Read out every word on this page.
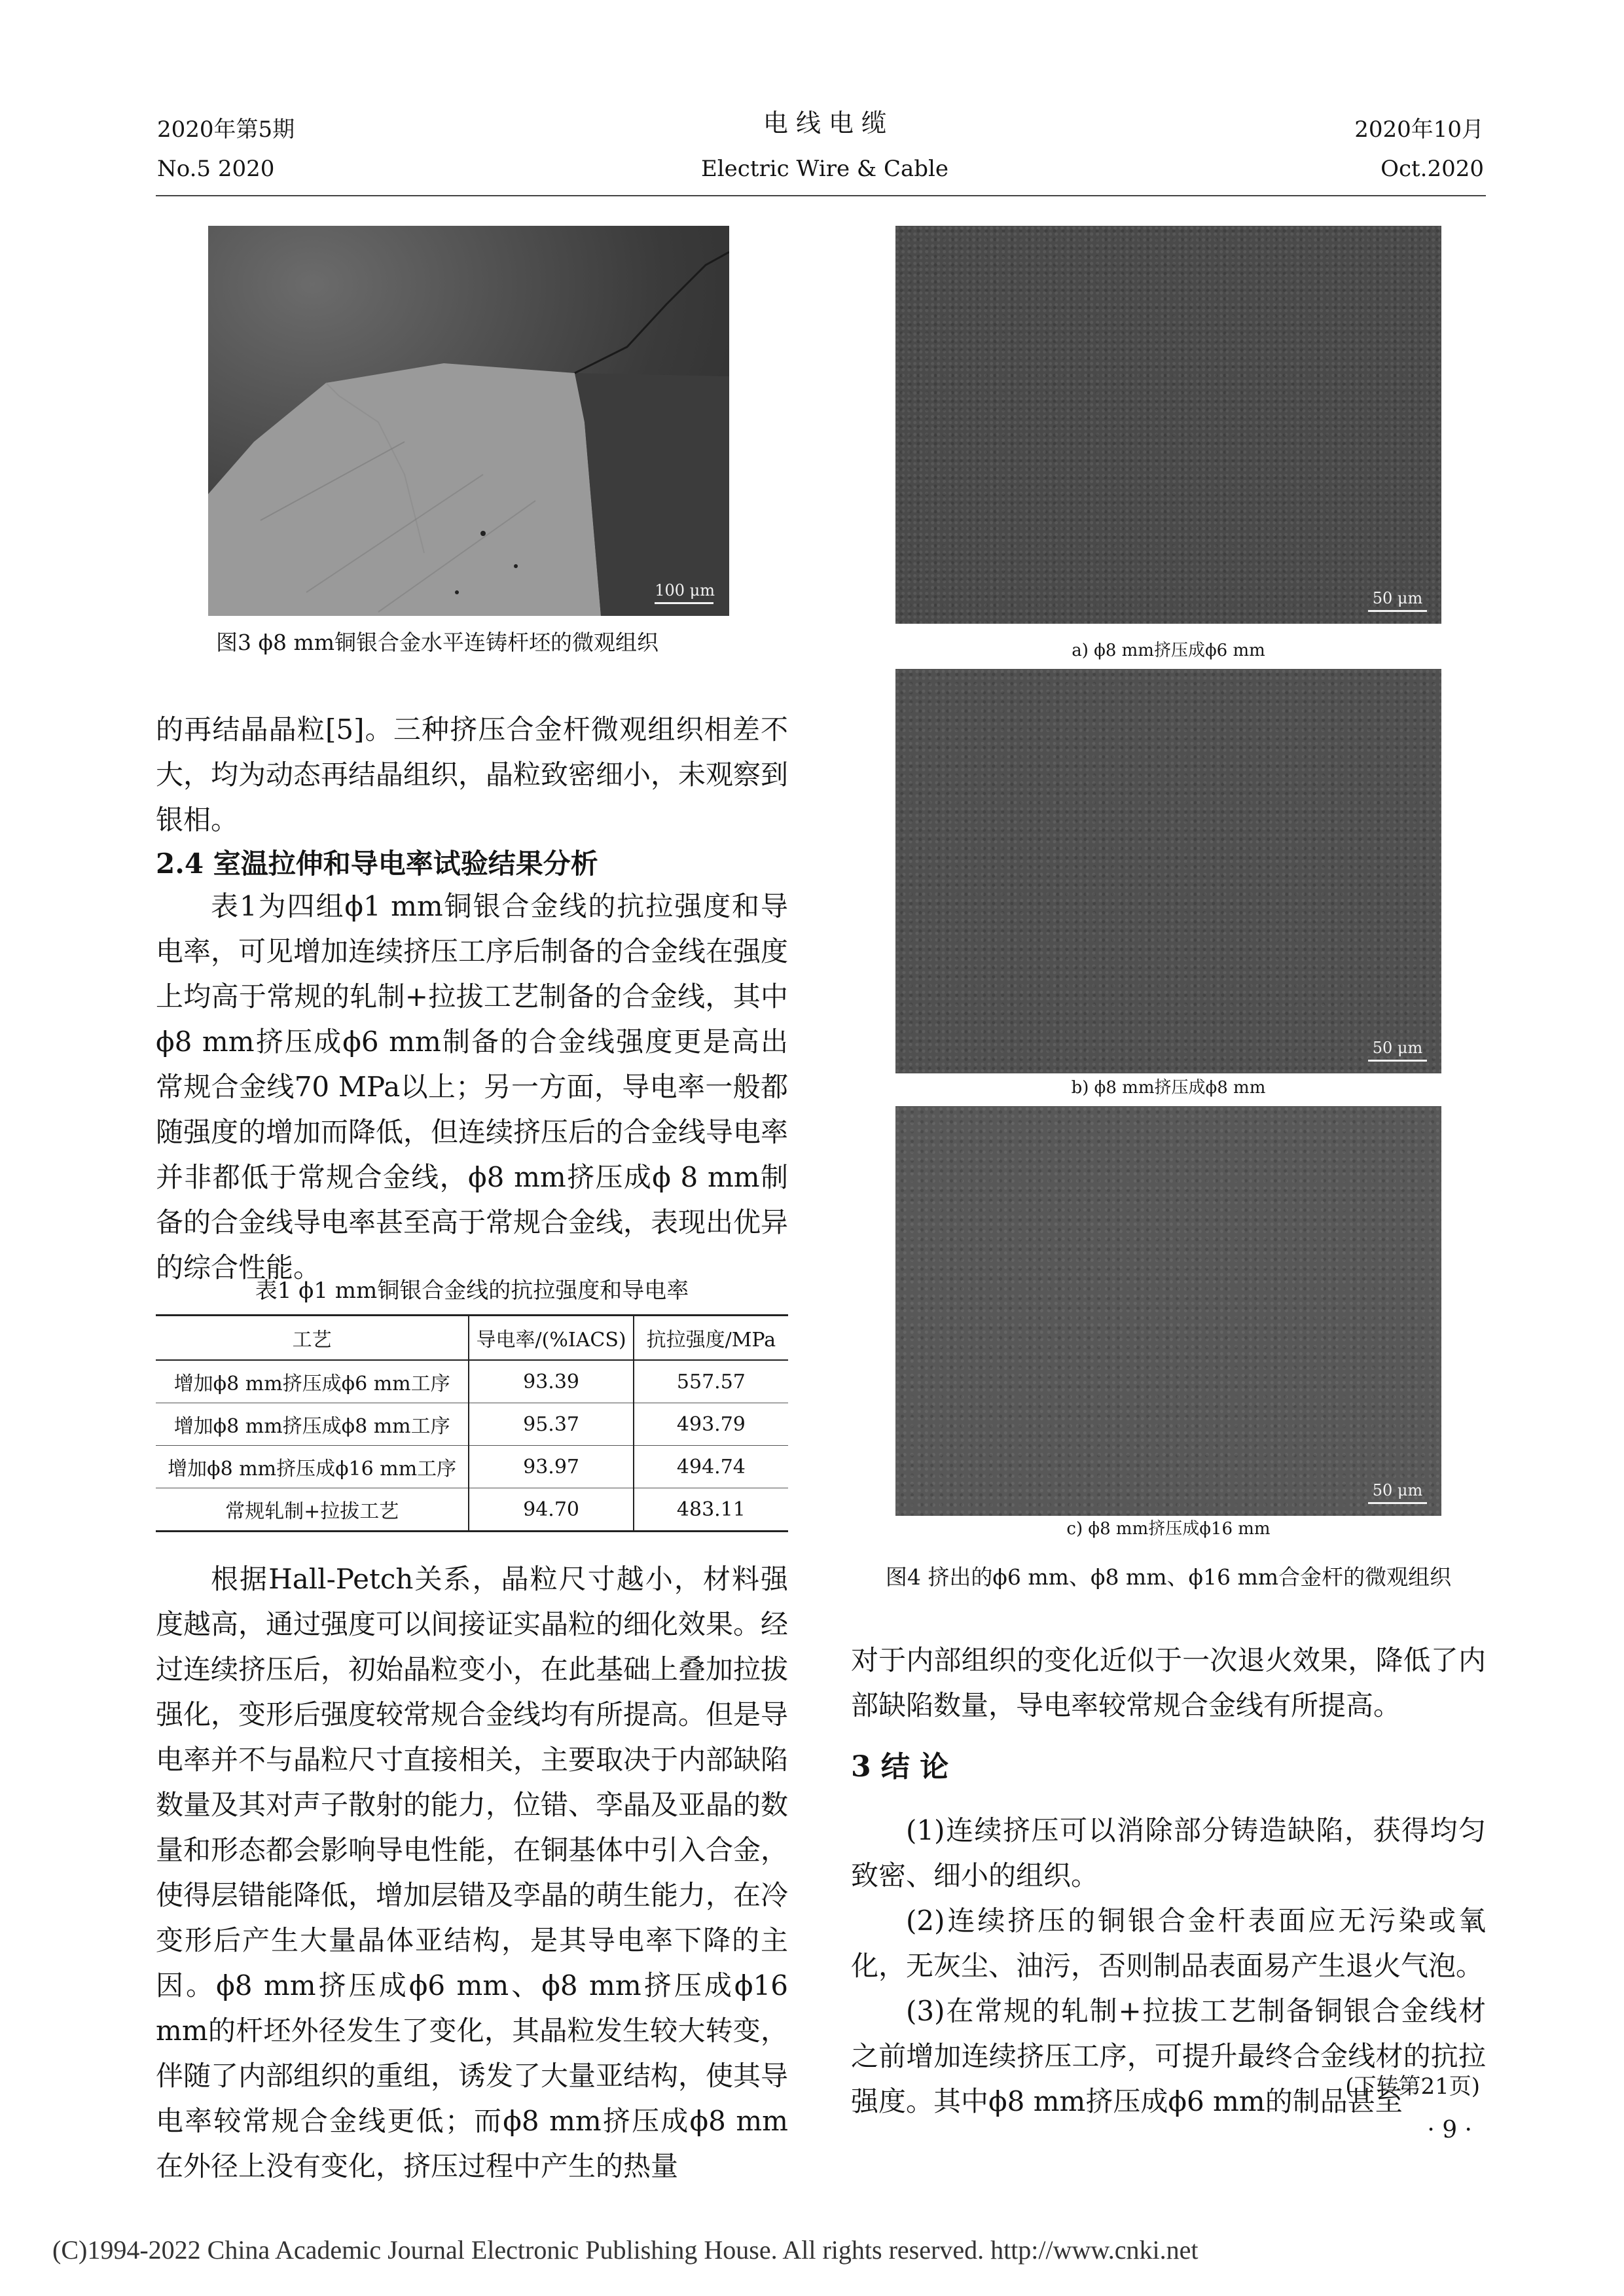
2020年第5期
No.5 2020
电 线 电 缆
Electric Wire & Cable
2020年10月
Oct.2020
100 μm
图3 ϕ8 mm铜银合金水平连铸杆坯的微观组织

的再结晶晶粒[5]。三种挤压合金杆微观组织相差不大，均为动态再结晶组织，晶粒致密细小，未观察到银相。

2.4 室温拉伸和导电率试验结果分析

表1为四组ϕ1 mm铜银合金线的抗拉强度和导电率，可见增加连续挤压工序后制备的合金线在强度上均高于常规的轧制+拉拔工艺制备的合金线，其中ϕ8 mm挤压成ϕ6 mm制备的合金线强度更是高出常规合金线70 MPa以上；另一方面，导电率一般都随强度的增加而降低，但连续挤压后的合金线导电率并非都低于常规合金线，ϕ8 mm挤压成ϕ 8 mm制备的合金线导电率甚至高于常规合金线，表现出优异的综合性能。

表1 ϕ1 mm铜银合金线的抗拉强度和导电率
工艺	导电率/(%IACS)	抗拉强度/MPa
增加ϕ8 mm挤压成ϕ6 mm工序	93.39	557.57
增加ϕ8 mm挤压成ϕ8 mm工序	95.37	493.79
增加ϕ8 mm挤压成ϕ16 mm工序	93.97	494.74
常规轧制+拉拔工艺	94.70	483.11

根据Hall-Petch关系，晶粒尺寸越小，材料强度越高，通过强度可以间接证实晶粒的细化效果。经过连续挤压后，初始晶粒变小，在此基础上叠加拉拔强化，变形后强度较常规合金线均有所提高。但是导电率并不与晶粒尺寸直接相关，主要取决于内部缺陷数量及其对声子散射的能力，位错、孪晶及亚晶的数量和形态都会影响导电性能，在铜基体中引入合金，使得层错能降低，增加层错及孪晶的萌生能力，在冷变形后产生大量晶体亚结构，是其导电率下降的主因。ϕ8 mm挤压成ϕ6 mm、ϕ8 mm挤压成ϕ16 mm的杆坯外径发生了变化，其晶粒发生较大转变，伴随了内部组织的重组，诱发了大量亚结构，使其导电率较常规合金线更低；而ϕ8 mm挤压成ϕ8 mm在外径上没有变化，挤压过程中产生的热量

50 μm
a) ϕ8 mm挤压成ϕ6 mm
50 μm
b) ϕ8 mm挤压成ϕ8 mm
50 μm
c) ϕ8 mm挤压成ϕ16 mm
图4 挤出的ϕ6 mm、ϕ8 mm、ϕ16 mm合金杆的微观组织

对于内部组织的变化近似于一次退火效果，降低了内部缺陷数量，导电率较常规合金线有所提高。

3 结 论

(1)连续挤压可以消除部分铸造缺陷，获得均匀致密、细小的组织。

(2)连续挤压的铜银合金杆表面应无污染或氧化，无灰尘、油污，否则制品表面易产生退火气泡。

(3)在常规的轧制+拉拔工艺制备铜银合金线材之前增加连续挤压工序，可提升最终合金线材的抗拉强度。其中ϕ8 mm挤压成ϕ6 mm的制品甚至

(下转第21页)
· 9 ·
(C)1994-2022 China Academic Journal Electronic Publishing House. All rights reserved. http://www.cnki.net
